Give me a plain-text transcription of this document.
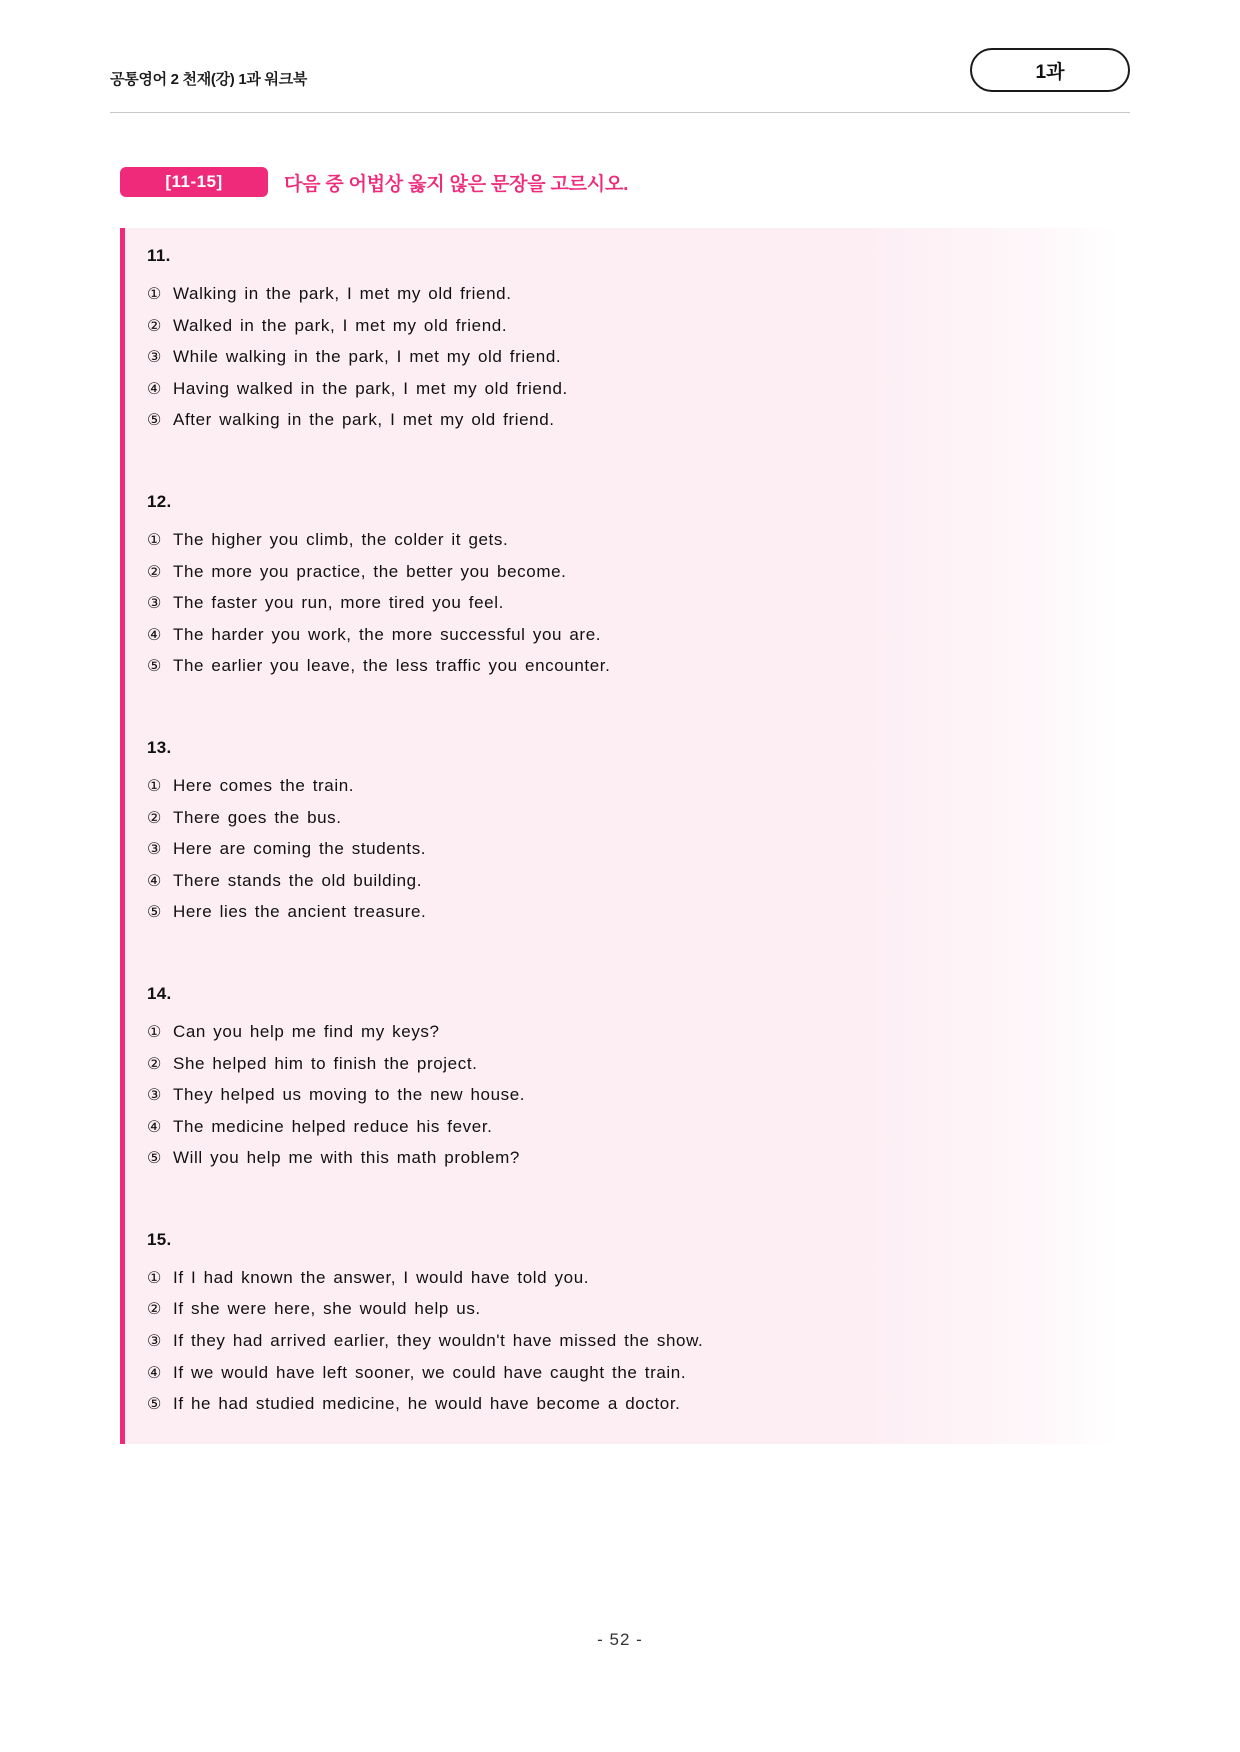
공통영어 2 천재(강) 1과 워크북	1과
[11-15]	다음 중 어법상 옳지 않은 문장을 고르시오.
11.
① Walking in the park, I met my old friend.
② Walked in the park, I met my old friend.
③ While walking in the park, I met my old friend.
④ Having walked in the park, I met my old friend.
⑤ After walking in the park, I met my old friend.
12.
① The higher you climb, the colder it gets.
② The more you practice, the better you become.
③ The faster you run, more tired you feel.
④ The harder you work, the more successful you are.
⑤ The earlier you leave, the less traffic you encounter.
13.
① Here comes the train.
② There goes the bus.
③ Here are coming the students.
④ There stands the old building.
⑤ Here lies the ancient treasure.
14.
① Can you help me find my keys?
② She helped him to finish the project.
③ They helped us moving to the new house.
④ The medicine helped reduce his fever.
⑤ Will you help me with this math problem?
15.
① If I had known the answer, I would have told you.
② If she were here, she would help us.
③ If they had arrived earlier, they wouldn't have missed the show.
④ If we would have left sooner, we could have caught the train.
⑤ If he had studied medicine, he would have become a doctor.
- 52 -
